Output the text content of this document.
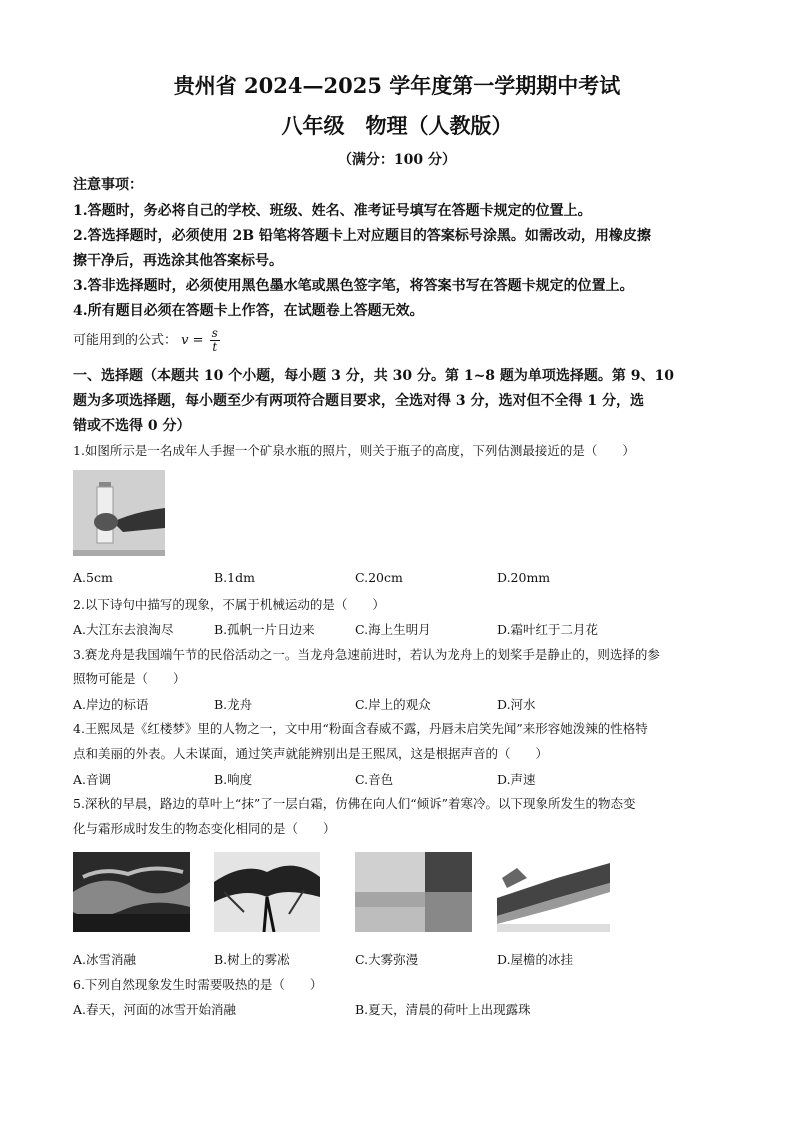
贵州省 2024—2025 学年度第一学期期中考试
八年级　物理（人教版）
（满分：100 分）
注意事项：
1.答题时，务必将自己的学校、班级、姓名、准考证号填写在答题卡规定的位置上。
2.答选择题时，必须使用 2B 铅笔将答题卡上对应题目的答案标号涂黑。如需改动，用橡皮擦
擦干净后，再选涂其他答案标号。
3.答非选择题时，必须使用黑色墨水笔或黑色签字笔，将答案书写在答题卡规定的位置上。
4.所有题目必须在答题卡上作答，在试题卷上答题无效。
可能用到的公式： $v = \frac{s}{t}$
一、选择题（本题共 10 个小题，每小题 3 分，共 30 分。第 1~8 题为单项选择题。第 9、10
题为多项选择题，每小题至少有两项符合题目要求，全选对得 3 分，选对但不全得 1 分，选
错或不选得 0 分）
1.如图所示是一名成年人手握一个矿泉水瓶的照片，则关于瓶子的高度，下列估测最接近的是（　　）
A.5cm	B.1dm	C.20cm	D.20mm
2.以下诗句中描写的现象，不属于机械运动的是（　　）
A.大江东去浪淘尽	B.孤帆一片日边来	C.海上生明月	D.霜叶红于二月花
3.赛龙舟是我国端午节的民俗活动之一。当龙舟急速前进时，若认为龙舟上的划桨手是静止的，则选择的参
照物可能是（　　）
A.岸边的标语	B.龙舟	C.岸上的观众	D.河水
4.王熙凤是《红楼梦》里的人物之一，文中用“粉面含春威不露，丹唇未启笑先闻”来形容她泼辣的性格特
点和美丽的外表。人未谋面，通过笑声就能辨别出是王熙凤，这是根据声音的（　　）
A.音调	B.响度	C.音色	D.声速
5.深秋的早晨，路边的草叶上“抹”了一层白霜，仿佛在向人们“倾诉”着寒冷。以下现象所发生的物态变
化与霜形成时发生的物态变化相同的是（　　）
A.冰雪消融	B.树上的雾凇	C.大雾弥漫	D.屋檐的冰挂
6.下列自然现象发生时需要吸热的是（　　）
A.春天，河面的冰雪开始消融	B.夏天，清晨的荷叶上出现露珠
